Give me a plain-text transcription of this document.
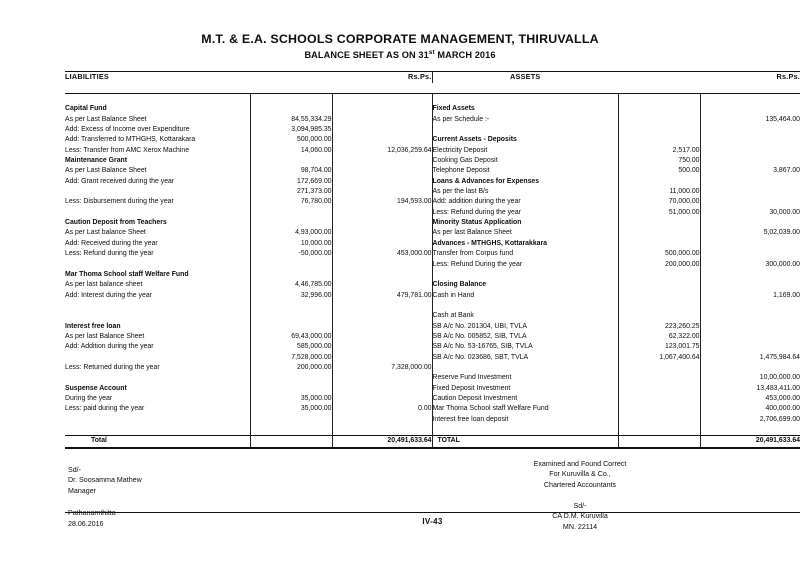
M.T. & E.A. SCHOOLS CORPORATE MANAGEMENT, THIRUVALLA
BALANCE SHEET AS ON 31st MARCH 2016
LIABILITIES		Rs.Ps.	ASSETS		Rs.Ps.

Capital Fund			Fixed Assets		
As per Last Balance Sheet	84,55,334.29		As per Schedule :-		135,464.00
Add: Excess of Income over Expenditure	3,094,985.35				
Add: Transferred to MTHGHS, Kottarakara	500,000.00		Current Assets - Deposits		
Less: Transfer from AMC Xerox Machine	14,060.00	12,036,259.64	Electricity Deposit	2,517.00	
Maintenance Grant			Cooking Gas Deposit	750.00	
As per Last Balance Sheet	98,704.00		Telephone Deposit	500.00	3,867.00
Add: Grant received during the year	172,669.00		Loans & Advances for Expenses		
	271,373.00		As per the last B/s	11,000.00	
Less: Disbursement during the year	76,780.00	194,593.00	Add: addition during the year	70,000.00	
			Less: Refund during the year	51,000.00	30,000.00
Caution Deposit from Teachers			Minority Status Application		
As per Last balance Sheet	4,93,000.00		As per last Balance Sheet		5,02,039.00
Add: Received during the year	10,000.00		Advances - MTHGHS, Kottarakkara		
Less: Refund during the year	-50,000.00	453,000.00	Transfer from Corpus fund	500,000.00	
			Less: Refund During the year	200,000.00	300,000.00
Mar Thoma School staff Welfare Fund					
As per last balance sheet	4,46,785.00		Closing Balance		
Add: Interest during the year	32,996.00	479,781.00	Cash in Hand		1,169.00

			Cash at Bank		
Interest free loan			SB A/c No. 201304, UBI, TVLA	223,260.25	
As per last Balance Sheet	69,43,000.00		SB A/c No. 005852, SIB, TVLA	62,322.00	
Add: Addition during the year	585,000.00		SB A/c No. 53-16765, SIB, TVLA	123,001.75	
	7,528,000.00		SB A/c No. 023686, SBT, TVLA	1,067,400.64	1,475,984.64
Less: Returned during the year	200,000.00	7,328,000.00			
			Reserve Fund Investment		10,00,000.00
Suspense Account			Fixed Deposit Investment		13,483,411.00
During the year	35,000.00		Caution Deposit Investment		453,000.00
Less: paid during the year	35,000.00	0.00	Mar Thoma School staff Welfare Fund		400,000.00
			Interest free loan deposit		2,706,699.00

Total		20,491,633.64	TOTAL		20,491,633.64
Sd/-
Dr. Soosamma Mathew
Manager
Pathanamthitta
28.06.2016
Examined and Found Correct
For Kuruvilla & Co.,
Chartered Accountants
Sd/-
CA D.M. Kuruvilla
MN. 22114
IV-43
